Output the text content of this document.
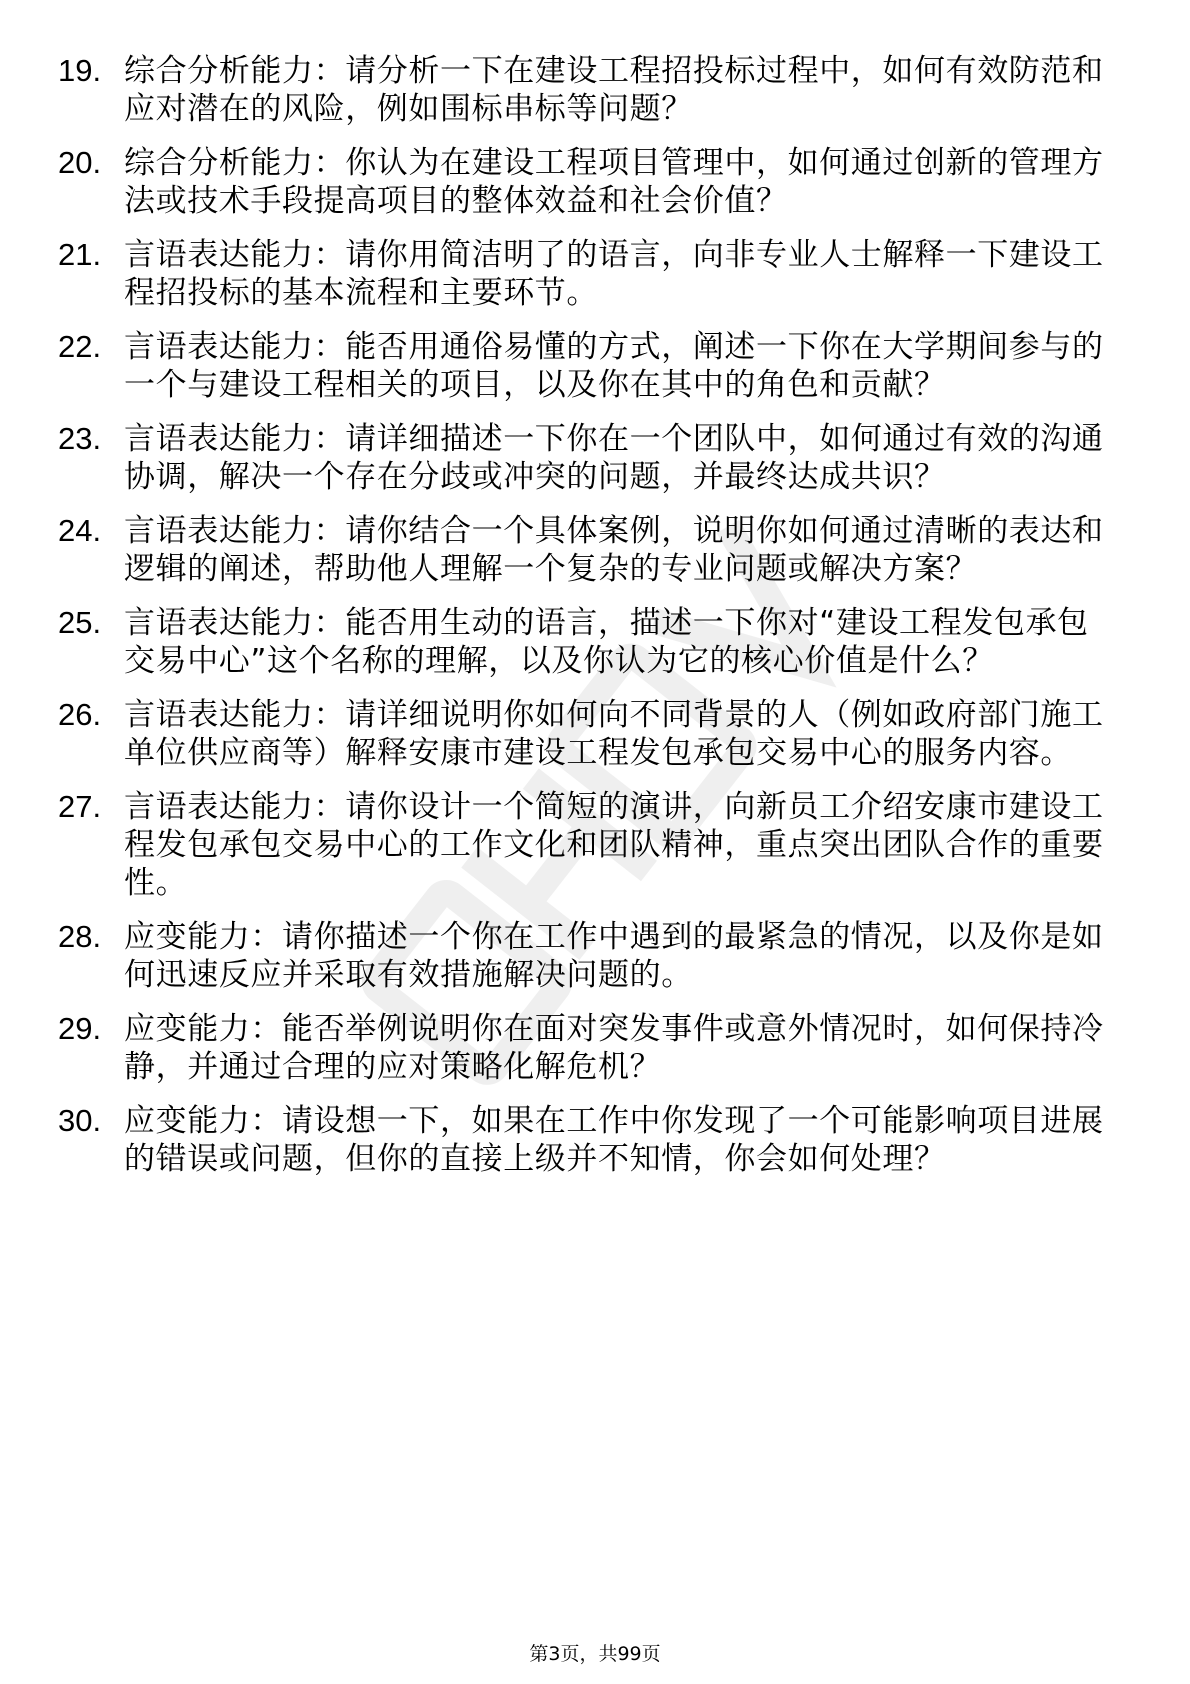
19. 综合分析能力：请分析一下在建设工程招投标过程中，如何有效防范和应对潜在的风险，例如围标串标等问题？
20. 综合分析能力：你认为在建设工程项目管理中，如何通过创新的管理方法或技术手段提高项目的整体效益和社会价值？
21. 言语表达能力：请你用简洁明了的语言，向非专业人士解释一下建设工程招投标的基本流程和主要环节。
22. 言语表达能力：能否用通俗易懂的方式，阐述一下你在大学期间参与的一个与建设工程相关的项目，以及你在其中的角色和贡献？
23. 言语表达能力：请详细描述一下你在一个团队中，如何通过有效的沟通协调，解决一个存在分歧或冲突的问题，并最终达成共识？
24. 言语表达能力：请你结合一个具体案例，说明你如何通过清晰的表达和逻辑的阐述，帮助他人理解一个复杂的专业问题或解决方案？
25. 言语表达能力：能否用生动的语言，描述一下你对“建设工程发包承包交易中心”这个名称的理解，以及你认为它的核心价值是什么？
26. 言语表达能力：请详细说明你如何向不同背景的人（例如政府部门施工单位供应商等）解释安康市建设工程发包承包交易中心的服务内容。
27. 言语表达能力：请你设计一个简短的演讲，向新员工介绍安康市建设工程发包承包交易中心的工作文化和团队精神，重点突出团队合作的重要性。
28. 应变能力：请你描述一个你在工作中遇到的最紧急的情况，以及你是如何迅速反应并采取有效措施解决问题的。
29. 应变能力：能否举例说明你在面对突发事件或意外情况时，如何保持冷静，并通过合理的应对策略化解危机？
30. 应变能力：请设想一下，如果在工作中你发现了一个可能影响项目进展的错误或问题，但你的直接上级并不知情，你会如何处理？
第3页，共99页
